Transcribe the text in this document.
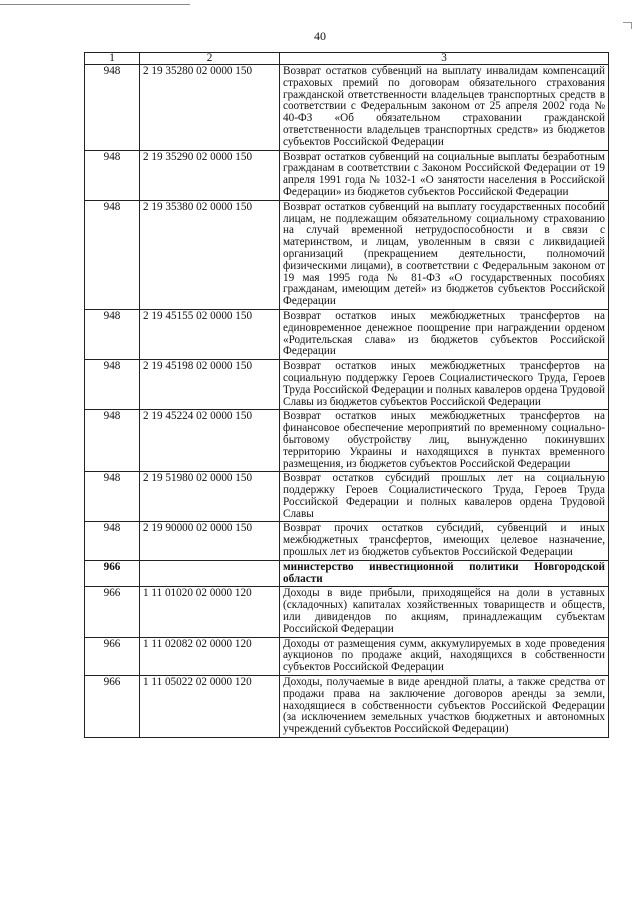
40
1	2	3
948	2 19 35280 02 0000 150	Возврат остатков субвенций на выплату инвалидам компенсаций страховых премий по договорам обязательного страхования гражданской ответственности владельцев транспортных средств в соответствии с Федеральным законом от 25 апреля 2002 года № 40-ФЗ «Об обязательном страховании гражданской ответственности владельцев транспортных средств» из бюджетов субъектов Российской Федерации
948	2 19 35290 02 0000 150	Возврат остатков субвенций на социальные выплаты безработным гражданам в соответствии с Законом Российской Федерации от 19 апреля 1991 года № 1032-1 «О занятости населения в Российской Федерации» из бюджетов субъектов Российской Федерации
948	2 19 35380 02 0000 150	Возврат остатков субвенций на выплату государственных пособий лицам, не подлежащим обязательному социальному страхованию на случай временной нетрудоспособности и в связи с материнством, и лицам, уволенным в связи с ликвидацией организаций (прекращением деятельности, полномочий физическими лицами), в соответствии с Федеральным законом от 19 мая 1995 года № 81-ФЗ «О государственных пособиях гражданам, имеющим детей» из бюджетов субъектов Российской Федерации
948	2 19 45155 02 0000 150	Возврат остатков иных межбюджетных трансфертов на единовременное денежное поощрение при награждении орденом «Родительская слава» из бюджетов субъектов Российской Федерации
948	2 19 45198 02 0000 150	Возврат остатков иных межбюджетных трансфертов на социальную поддержку Героев Социалистического Труда, Героев Труда Российской Федерации и полных кавалеров ордена Трудовой Славы из бюджетов субъектов Российской Федерации
948	2 19 45224 02 0000 150	Возврат остатков иных межбюджетных трансфертов на финансовое обеспечение мероприятий по временному социально-бытовому обустройству лиц, вынужденно покинувших территорию Украины и находящихся в пунктах временного размещения, из бюджетов субъектов Российской Федерации
948	2 19 51980 02 0000 150	Возврат остатков субсидий прошлых лет на социальную поддержку Героев Социалистического Труда, Героев Труда Российской Федерации и полных кавалеров ордена Трудовой Славы
948	2 19 90000 02 0000 150	Возврат прочих остатков субсидий, субвенций и иных межбюджетных трансфертов, имеющих целевое назначение, прошлых лет из бюджетов субъектов Российской Федерации
966		министерство инвестиционной политики Новгородской области
966	1 11 01020 02 0000 120	Доходы в виде прибыли, приходящейся на доли в уставных (складочных) капиталах хозяйственных товариществ и обществ, или дивидендов по акциям, принадлежащим субъектам Российской Федерации
966	1 11 02082 02 0000 120	Доходы от размещения сумм, аккумулируемых в ходе проведения аукционов по продаже акций, находящихся в собственности субъектов Российской Федерации
966	1 11 05022 02 0000 120	Доходы, получаемые в виде арендной платы, а также средства от продажи права на заключение договоров аренды за земли, находящиеся в собственности субъектов Российской Федерации (за исключением земельных участков бюджетных и автономных учреждений субъектов Российской Федерации)
